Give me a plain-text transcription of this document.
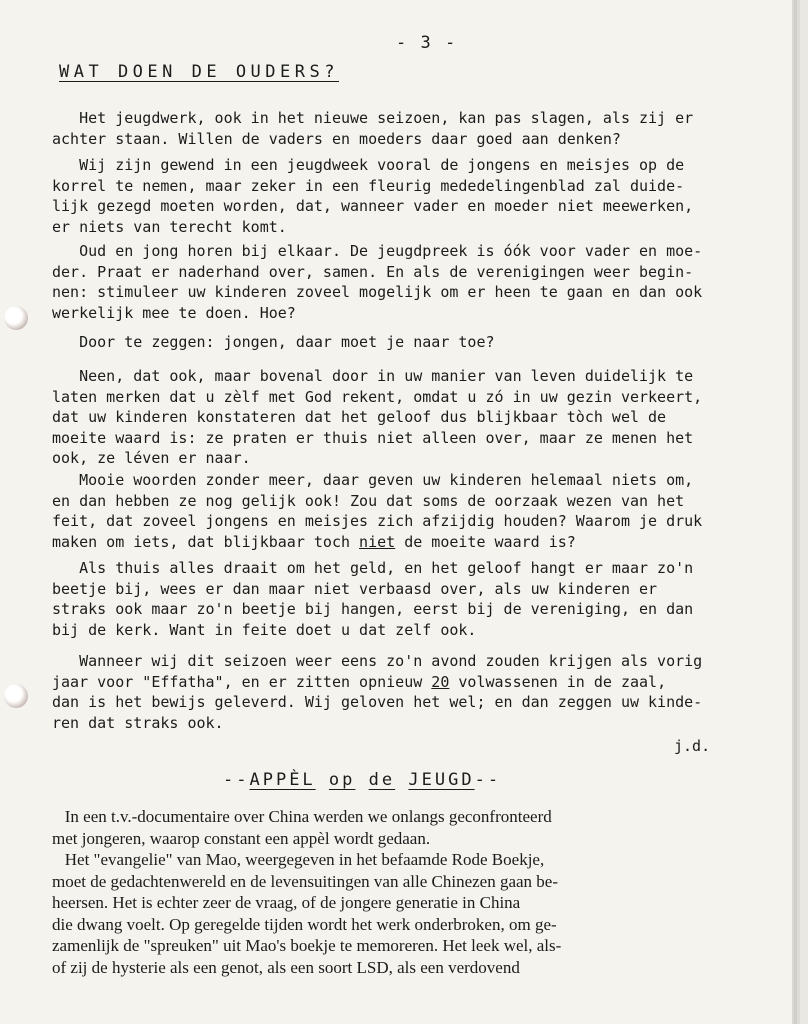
- 3 -
WAT DOEN DE OUDERS?

Het jeugdwerk, ook in het nieuwe seizoen, kan pas slagen, als zij er

achter staan. Willen de vaders en moeders daar goed aan denken?

Wij zijn gewend in een jeugdweek vooral de jongens en meisjes op de

korrel te nemen, maar zeker in een fleurig mededelingenblad zal duide-

lijk gezegd moeten worden, dat, wanneer vader en moeder niet meewerken,

er niets van terecht komt.

Oud en jong horen bij elkaar. De jeugdpreek is óók voor vader en moe-

der. Praat er naderhand over, samen. En als de verenigingen weer begin-

nen: stimuleer uw kinderen zoveel mogelijk om er heen te gaan en dan ook

werkelijk mee te doen. Hoe?

Door te zeggen: jongen, daar moet je naar toe?

Neen, dat ook, maar bovenal door in uw manier van leven duidelijk te

laten merken dat u zèlf met God rekent, omdat u zó in uw gezin verkeert,

dat uw kinderen konstateren dat het geloof dus blijkbaar tòch wel de

moeite waard is: ze praten er thuis niet alleen over, maar ze menen het

ook, ze léven er naar.

Mooie woorden zonder meer, daar geven uw kinderen helemaal niets om,

en dan hebben ze nog gelijk ook! Zou dat soms de oorzaak wezen van het

feit, dat zoveel jongens en meisjes zich afzijdig houden? Waarom je druk

maken om iets, dat blijkbaar toch niet de moeite waard is?

Als thuis alles draait om het geld, en het geloof hangt er maar zo'n

beetje bij, wees er dan maar niet verbaasd over, als uw kinderen er

straks ook maar zo'n beetje bij hangen, eerst bij de vereniging, en dan

bij de kerk. Want in feite doet u dat zelf ook.

Wanneer wij dit seizoen weer eens zo'n avond zouden krijgen als vorig

jaar voor "Effatha", en er zitten opnieuw 20 volwassenen in de zaal,

dan is het bewijs geleverd. Wij geloven het wel; en dan zeggen uw kinde-

ren dat straks ook.

j.d.
--APPÈL op de JEUGD--

In een t.v.-documentaire over China werden we onlangs geconfronteerd

met jongeren, waarop constant een appèl wordt gedaan.

Het "evangelie" van Mao, weergegeven in het befaamde Rode Boekje,

moet de gedachtenwereld en de levensuitingen van alle Chinezen gaan be-

heersen. Het is echter zeer de vraag, of de jongere generatie in China

die dwang voelt. Op geregelde tijden wordt het werk onderbroken, om ge-

zamenlijk de "spreuken" uit Mao's boekje te memoreren. Het leek wel, als-

of zij de hysterie als een genot, als een soort LSD, als een verdovend
